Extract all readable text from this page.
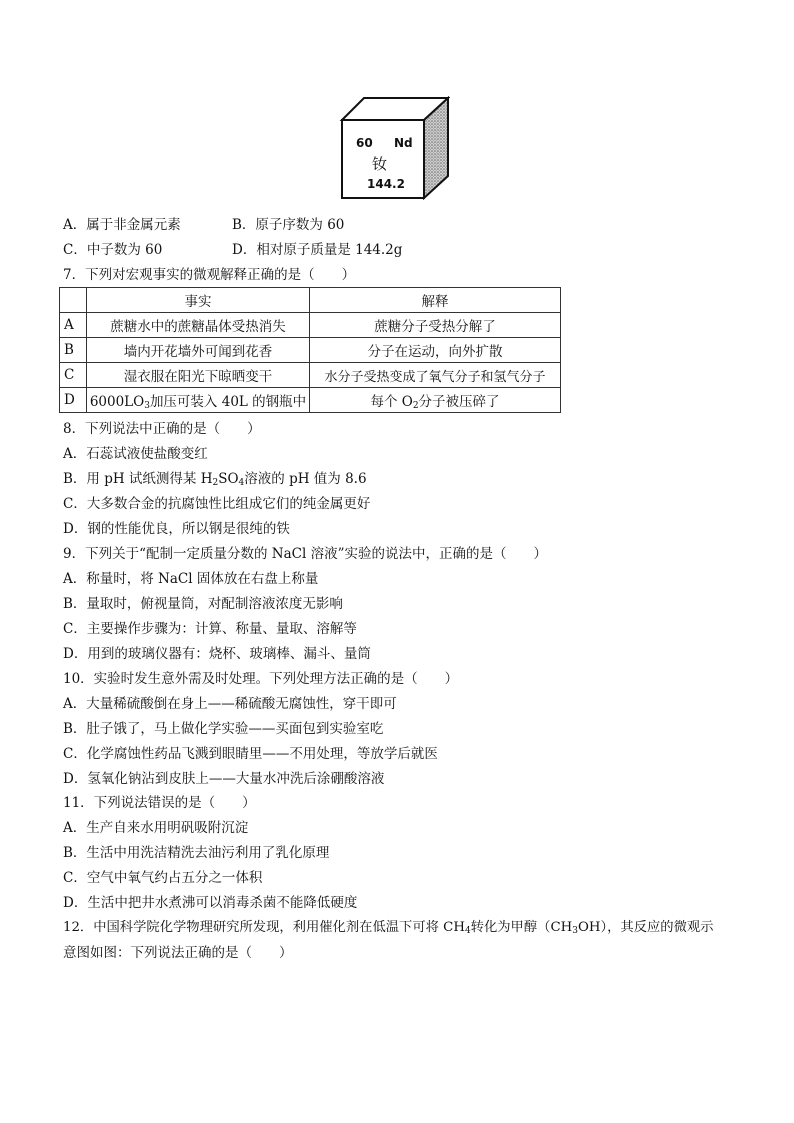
60 Nd
钕
144.2
A．属于非金属元素	B．原子序数为 60
C．中子数为 60	D．相对原子质量是 144.2g
7．下列对宏观事实的微观解释正确的是（　　）
	事实	解释
A	蔗糖水中的蔗糖晶体受热消失	蔗糖分子受热分解了
B	墙内开花墙外可闻到花香	分子在运动，向外扩散
C	湿衣服在阳光下晾晒变干	水分子受热变成了氧气分子和氢气分子
D	$6000LO_3$加压可装入 40L 的钢瓶中	每个 $O_2$分子被压碎了
8．下列说法中正确的是（　　）
A．石蕊试液使盐酸变红
B．用 pH 试纸测得某 $H_2SO_4$溶液的 pH 值为 8.6
C．大多数合金的抗腐蚀性比组成它们的纯金属更好
D．钢的性能优良，所以钢是很纯的铁
9．下列关于“配制一定质量分数的 NaCl 溶液”实验的说法中，正确的是（　　）
A．称量时，将 NaCl 固体放在右盘上称量
B．量取时，俯视量筒，对配制溶液浓度无影响
C．主要操作步骤为：计算、称量、量取、溶解等
D．用到的玻璃仪器有：烧杯、玻璃棒、漏斗、量筒
10．实验时发生意外需及时处理。下列处理方法正确的是（　　）
A．大量稀硫酸倒在身上——稀硫酸无腐蚀性，穿干即可
B．肚子饿了，马上做化学实验——买面包到实验室吃
C．化学腐蚀性药品飞溅到眼睛里——不用处理，等放学后就医
D．氢氧化钠沾到皮肤上——大量水冲洗后涂硼酸溶液
11．下列说法错误的是（　　）
A．生产自来水用明矾吸附沉淀
B．生活中用洗洁精洗去油污利用了乳化原理
C．空气中氧气约占五分之一体积
D．生活中把井水煮沸可以消毒杀菌不能降低硬度
12．中国科学院化学物理研究所发现，利用催化剂在低温下可将 $CH_4$转化为甲醇$(CH_3OH)$，其反应的微观示
意图如图：下列说法正确的是（　　）
